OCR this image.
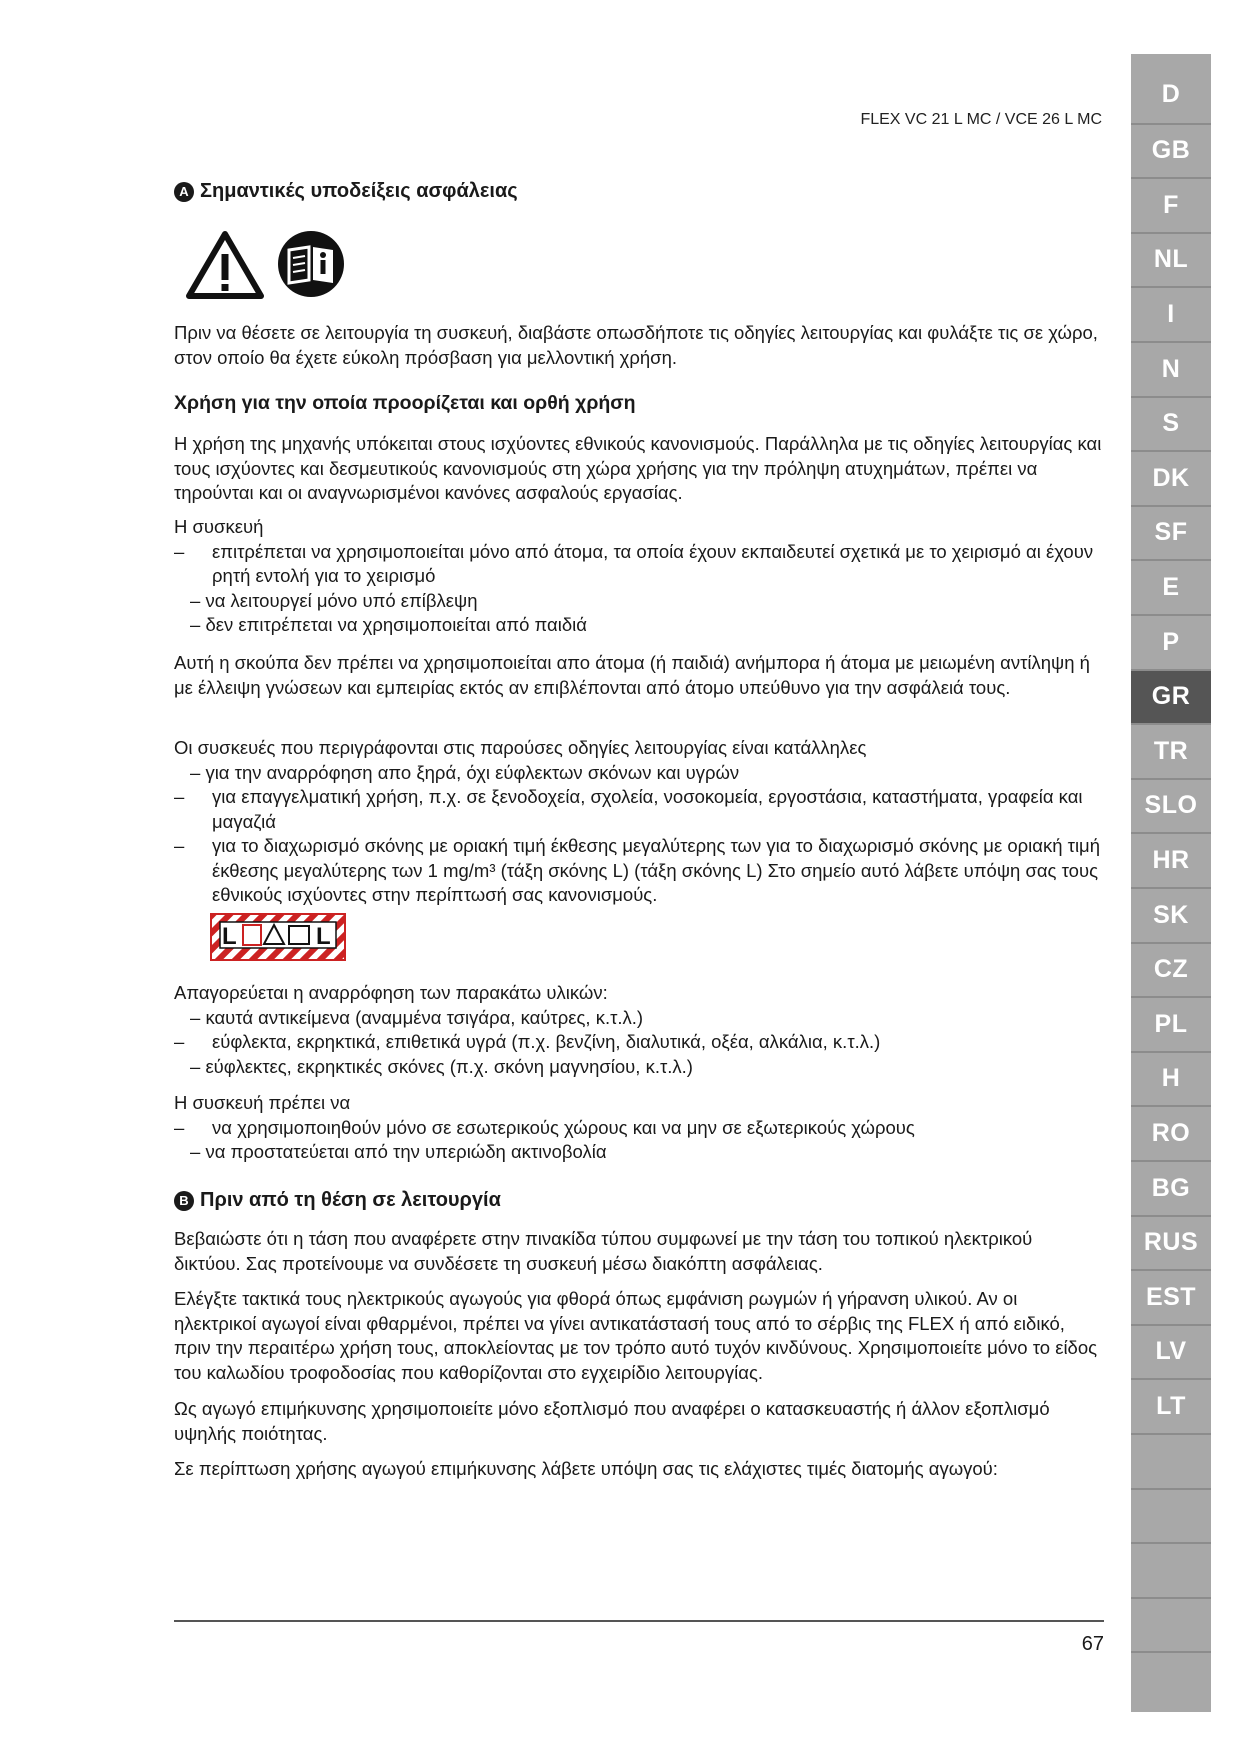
FLEX VC 21 L MC / VCE 26 L MC
A Σημαντικές υποδείξεις ασφάλειας

Πριν να θέσετε σε λειτουργία τη συσκευή, διαβάστε οπωσδήποτε τις οδηγίες λειτουργίας και φυλάξτε τις σε χώρο, στον οποίο θα έχετε εύκολη πρόσβαση για μελλοντική χρήση.

Χρήση για την οποία προορίζεται και ορθή χρήση

Η χρήση της μηχανής υπόκειται στους ισχύοντες εθνικούς κανονισμούς. Παράλληλα με τις οδηγίες λειτουργίας και τους ισχύοντες και δεσμευτικούς κανονισμούς στη χώρα χρήσης για την πρόληψη ατυχημάτων, πρέπει να τηρούνται και οι αναγνωρισμένοι κανόνες ασφαλούς εργασίας.

Η συσκευή

–	επιτρέπεται να χρησιμοποιείται μόνο από άτομα, τα οποία έχουν εκπαιδευτεί σχετικά με το χειρισμό αι έχουν ρητή εντολή για το χειρισμό
– να λειτουργεί μόνο υπό επίβλεψη
– δεν επιτρέπεται να χρησιμοποιείται από παιδιά

Αυτή η σκούπα δεν πρέπει να χρησιμοποιείται απο άτομα (ή παιδιά) ανήμπορα ή άτομα με μειωμένη αντίληψη ή με έλλειψη γνώσεων και εμπειρίας εκτός αν επιβλέπονται από άτομο υπεύθυνο για την ασφάλειά τους.

Οι συσκευές που περιγράφονται στις παρούσες οδηγίες λειτουργίας είναι κατάλληλες

– για την αναρρόφηση απο ξηρά, όχι εύφλεκτων σκόνων και υγρών
–	για επαγγελματική χρήση, π.χ. σε ξενοδοχεία, σχολεία, νοσοκομεία, εργοστάσια, καταστήματα, γραφεία και μαγαζιά
–	για το διαχωρισμό σκόνης με οριακή τιμή έκθεσης μεγαλύτερης των για το διαχωρισμό σκόνης με οριακή τιμή έκθεσης μεγαλύτερης των 1 mg/m³ (τάξη σκόνης L) (τάξη σκόνης L) Στο σημείο αυτό λάβετε υπόψη σας τους εθνικούς ισχύοντες στην περίπτωσή σας κανονισμούς.
L	L

Απαγορεύεται η αναρρόφηση των παρακάτω υλικών:

– καυτά αντικείμενα (αναμμένα τσιγάρα, καύτρες, κ.τ.λ.)
–	εύφλεκτα, εκρηκτικά, επιθετικά υγρά (π.χ. βενζίνη, διαλυτικά, οξέα, αλκάλια, κ.τ.λ.)
– εύφλεκτες, εκρηκτικές σκόνες (π.χ. σκόνη μαγνησίου, κ.τ.λ.)

Η συσκευή πρέπει να

–	να χρησιμοποιηθούν μόνο σε εσωτερικούς χώρους και να μην σε εξωτερικούς χώρους
– να προστατεύεται από την υπεριώδη ακτινοβολία
B Πριν από τη θέση σε λειτουργία

Βεβαιώστε ότι η τάση που αναφέρετε στην πινακίδα τύπου συμφωνεί με την τάση του τοπικού ηλεκτρικού δικτύου. Σας προτείνουμε να συνδέσετε τη συσκευή μέσω διακόπτη ασφάλειας.

Ελέγξτε τακτικά τους ηλεκτρικούς αγωγούς για φθορά όπως εμφάνιση ρωγμών ή γήρανση υλικού. Αν οι ηλεκτρικοί αγωγοί είναι φθαρμένοι, πρέπει να γίνει αντικατάστασή τους από το σέρβις της FLEX ή από ειδικό, πριν την περαιτέρω χρήση τους, αποκλείοντας με τον τρόπο αυτό τυχόν κινδύνους. Χρησιμοποιείτε μόνο το είδος του καλωδίου τροφοδοσίας που καθορίζονται στο εγχειρίδιο λειτουργίας.

Ως αγωγό επιμήκυνσης χρησιμοποιείτε μόνο εξοπλισμό που αναφέρει ο κατασκευαστής ή άλλον εξοπλισμό υψηλής ποιότητας.

Σε περίπτωση χρήσης αγωγού επιμήκυνσης λάβετε υπόψη σας τις ελάχιστες τιμές διατομής αγωγού:

67
D
GB
F
NL
I
N
S
DK
SF
E
P
GR
TR
SLO
HR
SK
CZ
PL
H
RO
BG
RUS
EST
LV
LT
